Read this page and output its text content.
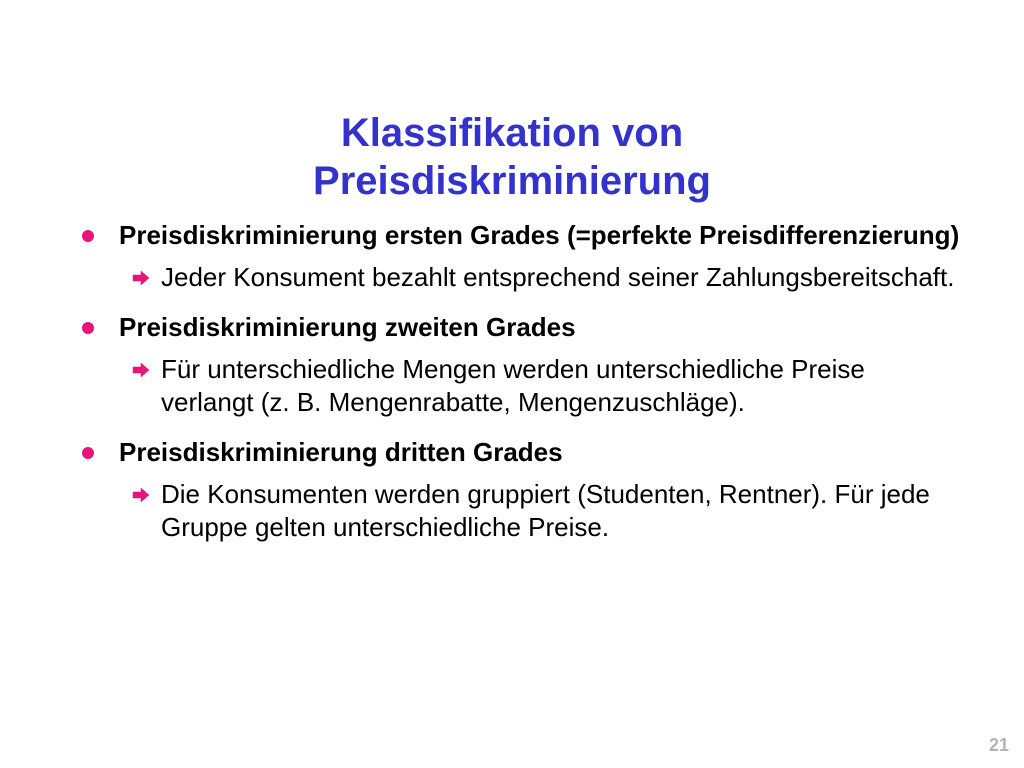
Klassifikation von
Preisdiskriminierung
Preisdiskriminierung ersten Grades (=perfekte Preisdifferenzierung)
Jeder Konsument bezahlt entsprechend seiner Zahlungsbereitschaft.
Preisdiskriminierung zweiten Grades
Für unterschiedliche Mengen werden unterschiedliche Preise verlangt (z. B. Mengenrabatte, Mengenzuschläge).
Preisdiskriminierung dritten Grades
Die Konsumenten werden gruppiert (Studenten, Rentner). Für jede Gruppe gelten unterschiedliche Preise.
21
